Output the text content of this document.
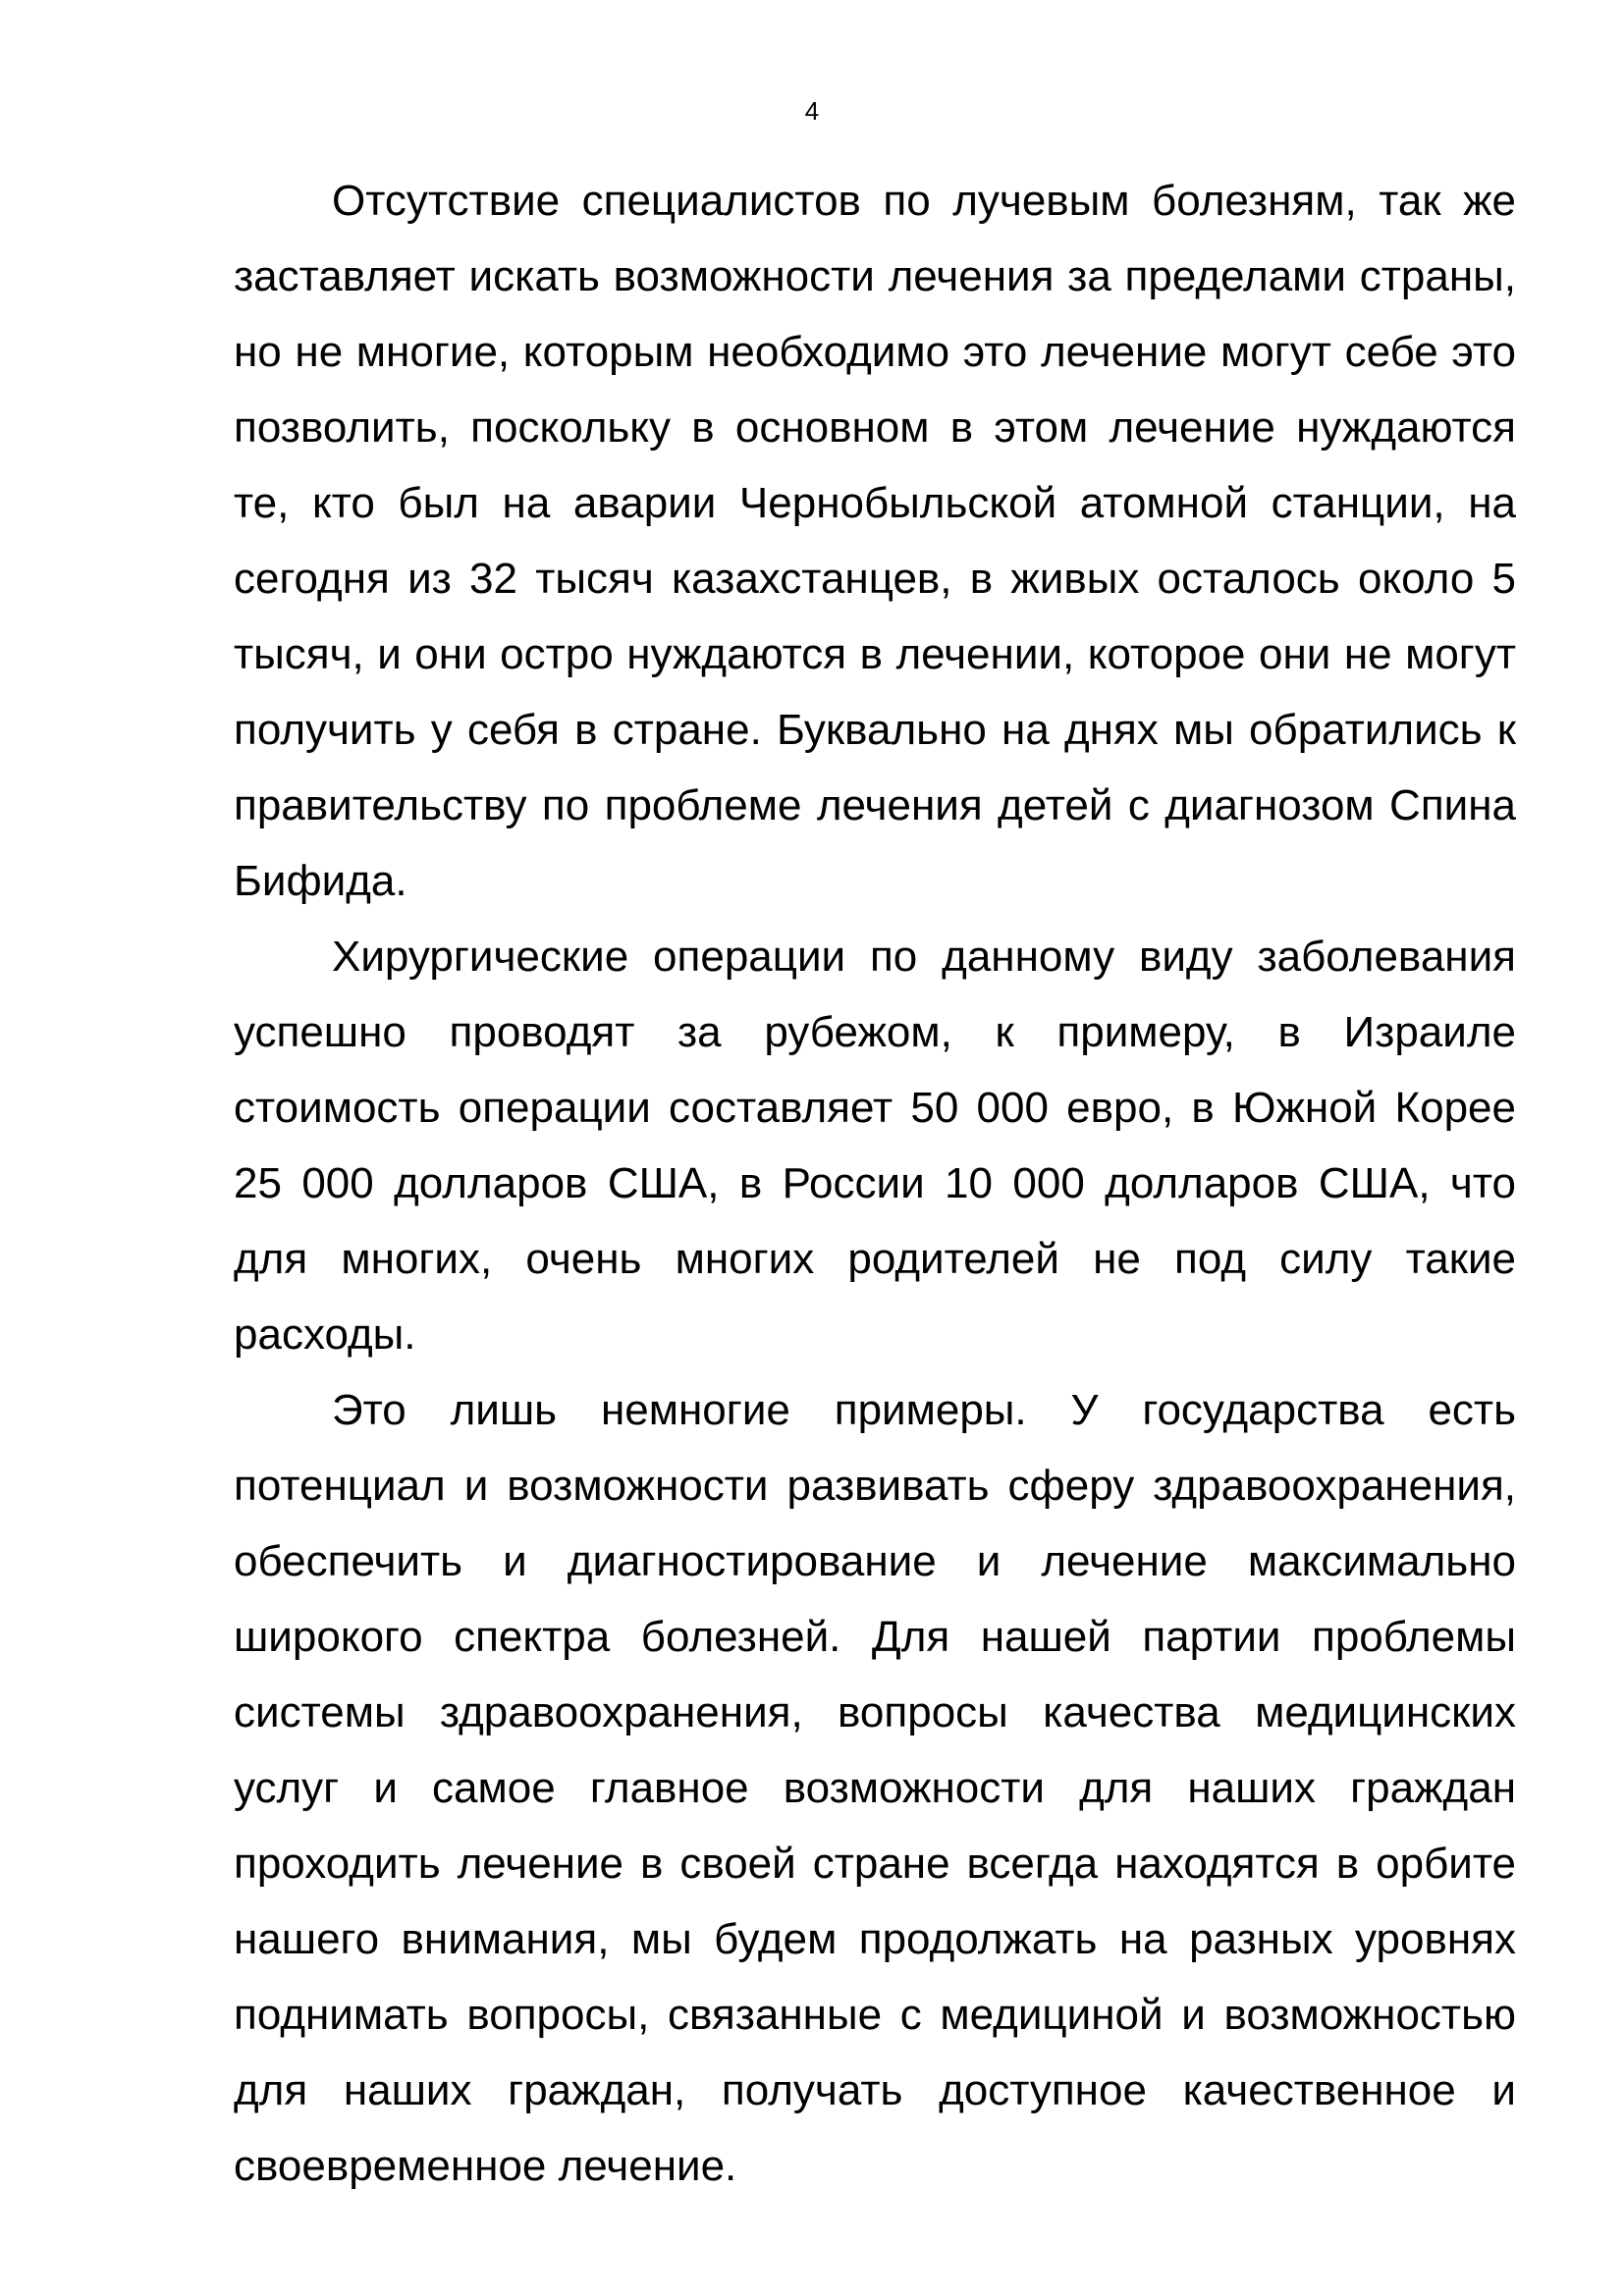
4

Отсутствие специалистов по лучевым болезням, так же заставляет искать возможности лечения за пределами страны, но не многие, которым необходимо это лечение могут себе это позволить, поскольку в основном в этом лечение нуждаются те, кто был на аварии Чернобыльской атомной станции, на сегодня из 32 тысяч казахстанцев, в живых осталось около 5 тысяч, и они остро нуждаются в лечении, которое они не могут получить у себя в стране. Буквально на днях мы обратились к правительству по проблеме лечения детей с диагнозом Спина Бифида.

Хирургические операции по данному виду заболевания успешно проводят за рубежом, к примеру, в Израиле стоимость операции составляет 50 000 евро, в Южной Корее 25 000 долларов США, в России 10 000 долларов США, что для многих, очень многих родителей не под силу такие расходы.

Это лишь немногие примеры. У государства есть потенциал и возможности развивать сферу здравоохранения, обеспечить и диагностирование и лечение максимально широкого спектра болезней. Для нашей партии проблемы системы здравоохранения, вопросы качества медицинских услуг и самое главное возможности для наших граждан проходить лечение в своей стране всегда находятся в орбите нашего внимания, мы будем продолжать на разных уровнях поднимать вопросы, связанные с медициной и возможностью для наших граждан, получать доступное качественное и своевременное лечение.
